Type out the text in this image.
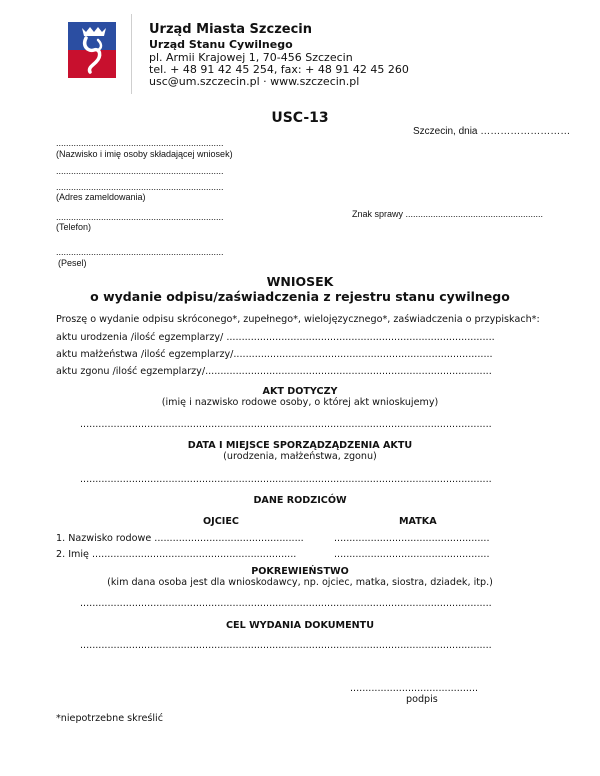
Urząd Miasta Szczecin
Urząd Stanu Cywilnego
pl. Armii Krajowej 1, 70-456 Szczecin
tel. + 48 91 42 45 254, fax: + 48 91 42 45 260
usc@um.szczecin.pl · www.szczecin.pl
USC-13
Szczecin, dnia ………………………
...................................................................
(Nazwisko i imię osoby składającej wniosek)
...................................................................
...................................................................
(Adres zameldowania)
...................................................................
(Telefon)
Znak sprawy .......................................................
...................................................................
(Pesel)
WNIOSEK
o wydanie odpisu/zaświadczenia z rejestru stanu cywilnego
Proszę o wydanie odpisu skróconego*, zupełnego*, wielojęzycznego*, zaświadczenia o przypiskach*:
aktu urodzenia /ilość egzemplarzy/ ........................................................................................
aktu małżeństwa /ilość egzemplarzy/.....................................................................................
aktu zgonu /ilość egzemplarzy/..............................................................................................
AKT DOTYCZY
(imię i nazwisko rodowe osoby, o której akt wnioskujemy)
.......................................................................................................................................
DATA I MIEJSCE SPORZĄDZĄDZENIA AKTU
(urodzenia, małżeństwa, zgonu)
.......................................................................................................................................
DANE RODZICÓW
OJCIEC	MATKA
1. Nazwisko rodowe .................................................	...................................................
2. Imię ...................................................................	...................................................
POKREWIEŃSTWO
(kim dana osoba jest dla wnioskodawcy, np. ojciec, matka, siostra, dziadek, itp.)
.......................................................................................................................................
CEL WYDANIA DOKUMENTU
.......................................................................................................................................
..........................................
podpis
*niepotrzebne skreślić
